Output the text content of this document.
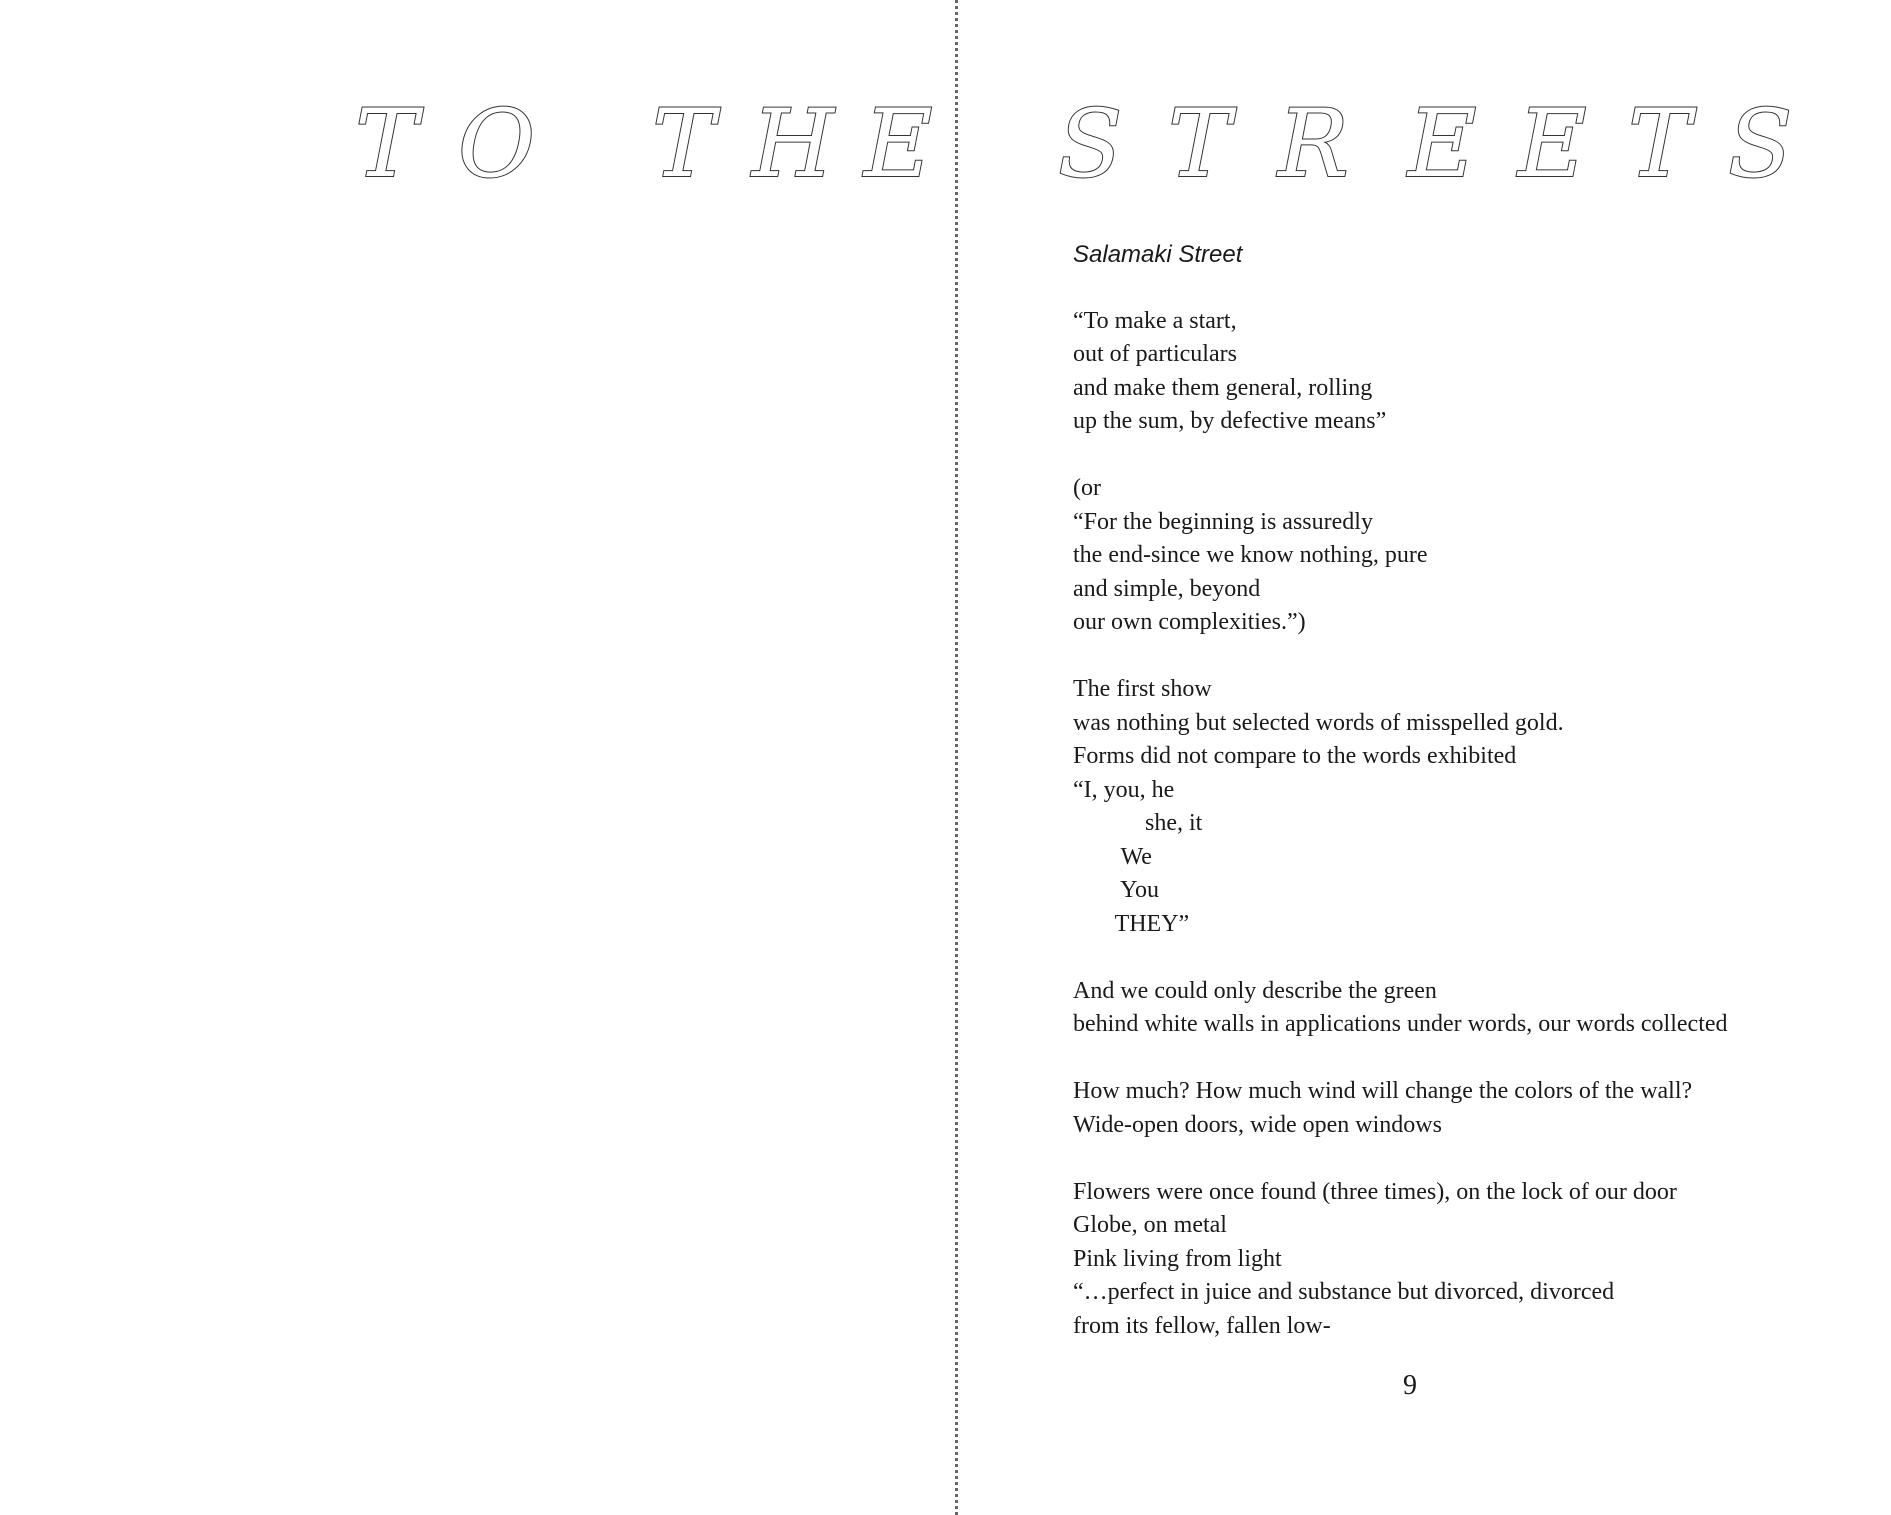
T O T H E S T R E E T S
Salamaki Street
“To make a start,
out of particulars
and make them general, rolling
up the sum, by defective means”
(or
“For the beginning is assuredly
the end-since we know nothing, pure
and simple, beyond
our own complexities.”)
The first show
was nothing but selected words of misspelled gold.
Forms did not compare to the words exhibited
“I, you, he
she, it
We
You
THEY”
And we could only describe the green
behind white walls in applications under words, our words collected
How much? How much wind will change the colors of the wall?
Wide-open doors, wide open windows
Flowers were once found (three times), on the lock of our door
Globe, on metal
Pink living from light
“…perfect in juice and substance but divorced, divorced
from its fellow, fallen low-
9
